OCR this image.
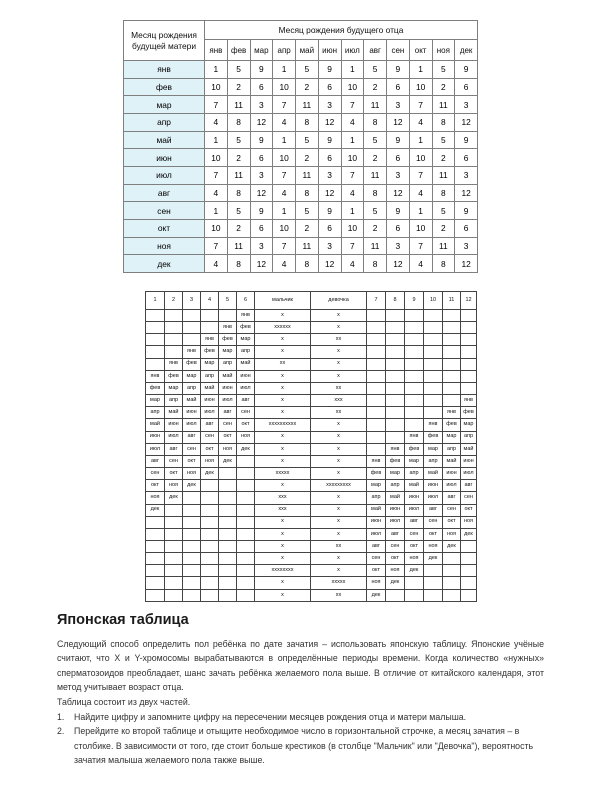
Месяц рождения
будущей матери	Месяц рождения будущего отца											
	янв	фев	мар	апр	май	июн	июл	авг	сен	окт	ноя	дек
янв	1	5	9	1	5	9	1	5	9	1	5	9
фев	10	2	6	10	2	6	10	2	6	10	2	6
мар	7	11	3	7	11	3	7	11	3	7	11	3
апр	4	8	12	4	8	12	4	8	12	4	8	12
май	1	5	9	1	5	9	1	5	9	1	5	9
июн	10	2	6	10	2	6	10	2	6	10	2	6
июл	7	11	3	7	11	3	7	11	3	7	11	3
авг	4	8	12	4	8	12	4	8	12	4	8	12
сен	1	5	9	1	5	9	1	5	9	1	5	9
окт	10	2	6	10	2	6	10	2	6	10	2	6
ноя	7	11	3	7	11	3	7	11	3	7	11	3
дек	4	8	12	4	8	12	4	8	12	4	8	12
1	2	3	4	5	6	мальчик	девочка	7	8	9	10	11	12
					янв	x	x						
				янв	фев	xxxxxx	x						
			янв	фев	мар	x	xx						
		янв	фев	мар	апр	x	x						
	янв	фев	мар	апр	май	xx	x						
янв	фев	мар	апр	май	июн	x	x						
фев	мар	апр	май	июн	июл	x	xx						
мар	апр	май	июн	июл	авг	x	xxx						янв
апр	май	июн	июл	авг	сен	x	xx					янв	фев
май	июн	июл	авг	сен	окт	xxxxxxxxxx	x				янв	фев	мар
июн	июл	авг	сен	окт	ноя	x	x			янв	фев	мар	апр
июл	авг	сен	окт	ноя	дек	x	x		янв	фев	мар	апр	май
авг	сен	окт	ноя	дек		x	x	янв	фев	мар	апр	май	июн
сен	окт	ноя	дек			xxxxx	x	фев	мар	апр	май	июн	июл
окт	ноя	дек				x	xxxxxxxxx	мар	апр	май	июн	июл	авг
ноя	дек					xxx	x	апр	май	июн	июл	авг	сен
дек						xxx	x	май	июн	июл	авг	сен	окт
						x	x	июн	июл	авг	сен	окт	ноя
						x	x	июл	авг	сен	окт	ноя	дек
						x	xx	авг	сен	окт	ноя	дек	
						x	x	сен	окт	ноя	дек		
						xxxxxxxx	x	окт	ноя	дек			
						x	xxxxx	ноя	дек				
						x	xx	дек					
Японская таблица

Следующий способ определить пол ребёнка по дате зачатия – использовать японскую таблицу. Японские учёные считают, что X и Y-хромосомы вырабатываются в определённые периоды времени. Когда количество «нужных» сперматозоидов преобладает, шанс зачать ребёнка желаемого пола выше. В отличие от китайского календаря, этот метод учитывает возраст отца.

Таблица состоит из двух частей.

1. Найдите цифру и запомните цифру на пересечении месяцев рождения отца и матери малыша.
2. Перейдите ко второй таблице и отыщите необходимое число в горизонтальной строчке, а месяц зачатия – в столбике. В зависимости от того, где стоит больше крестиков (в столбце "Мальчик" или "Девочка"), вероятность зачатия малыша желаемого пола также выше.
